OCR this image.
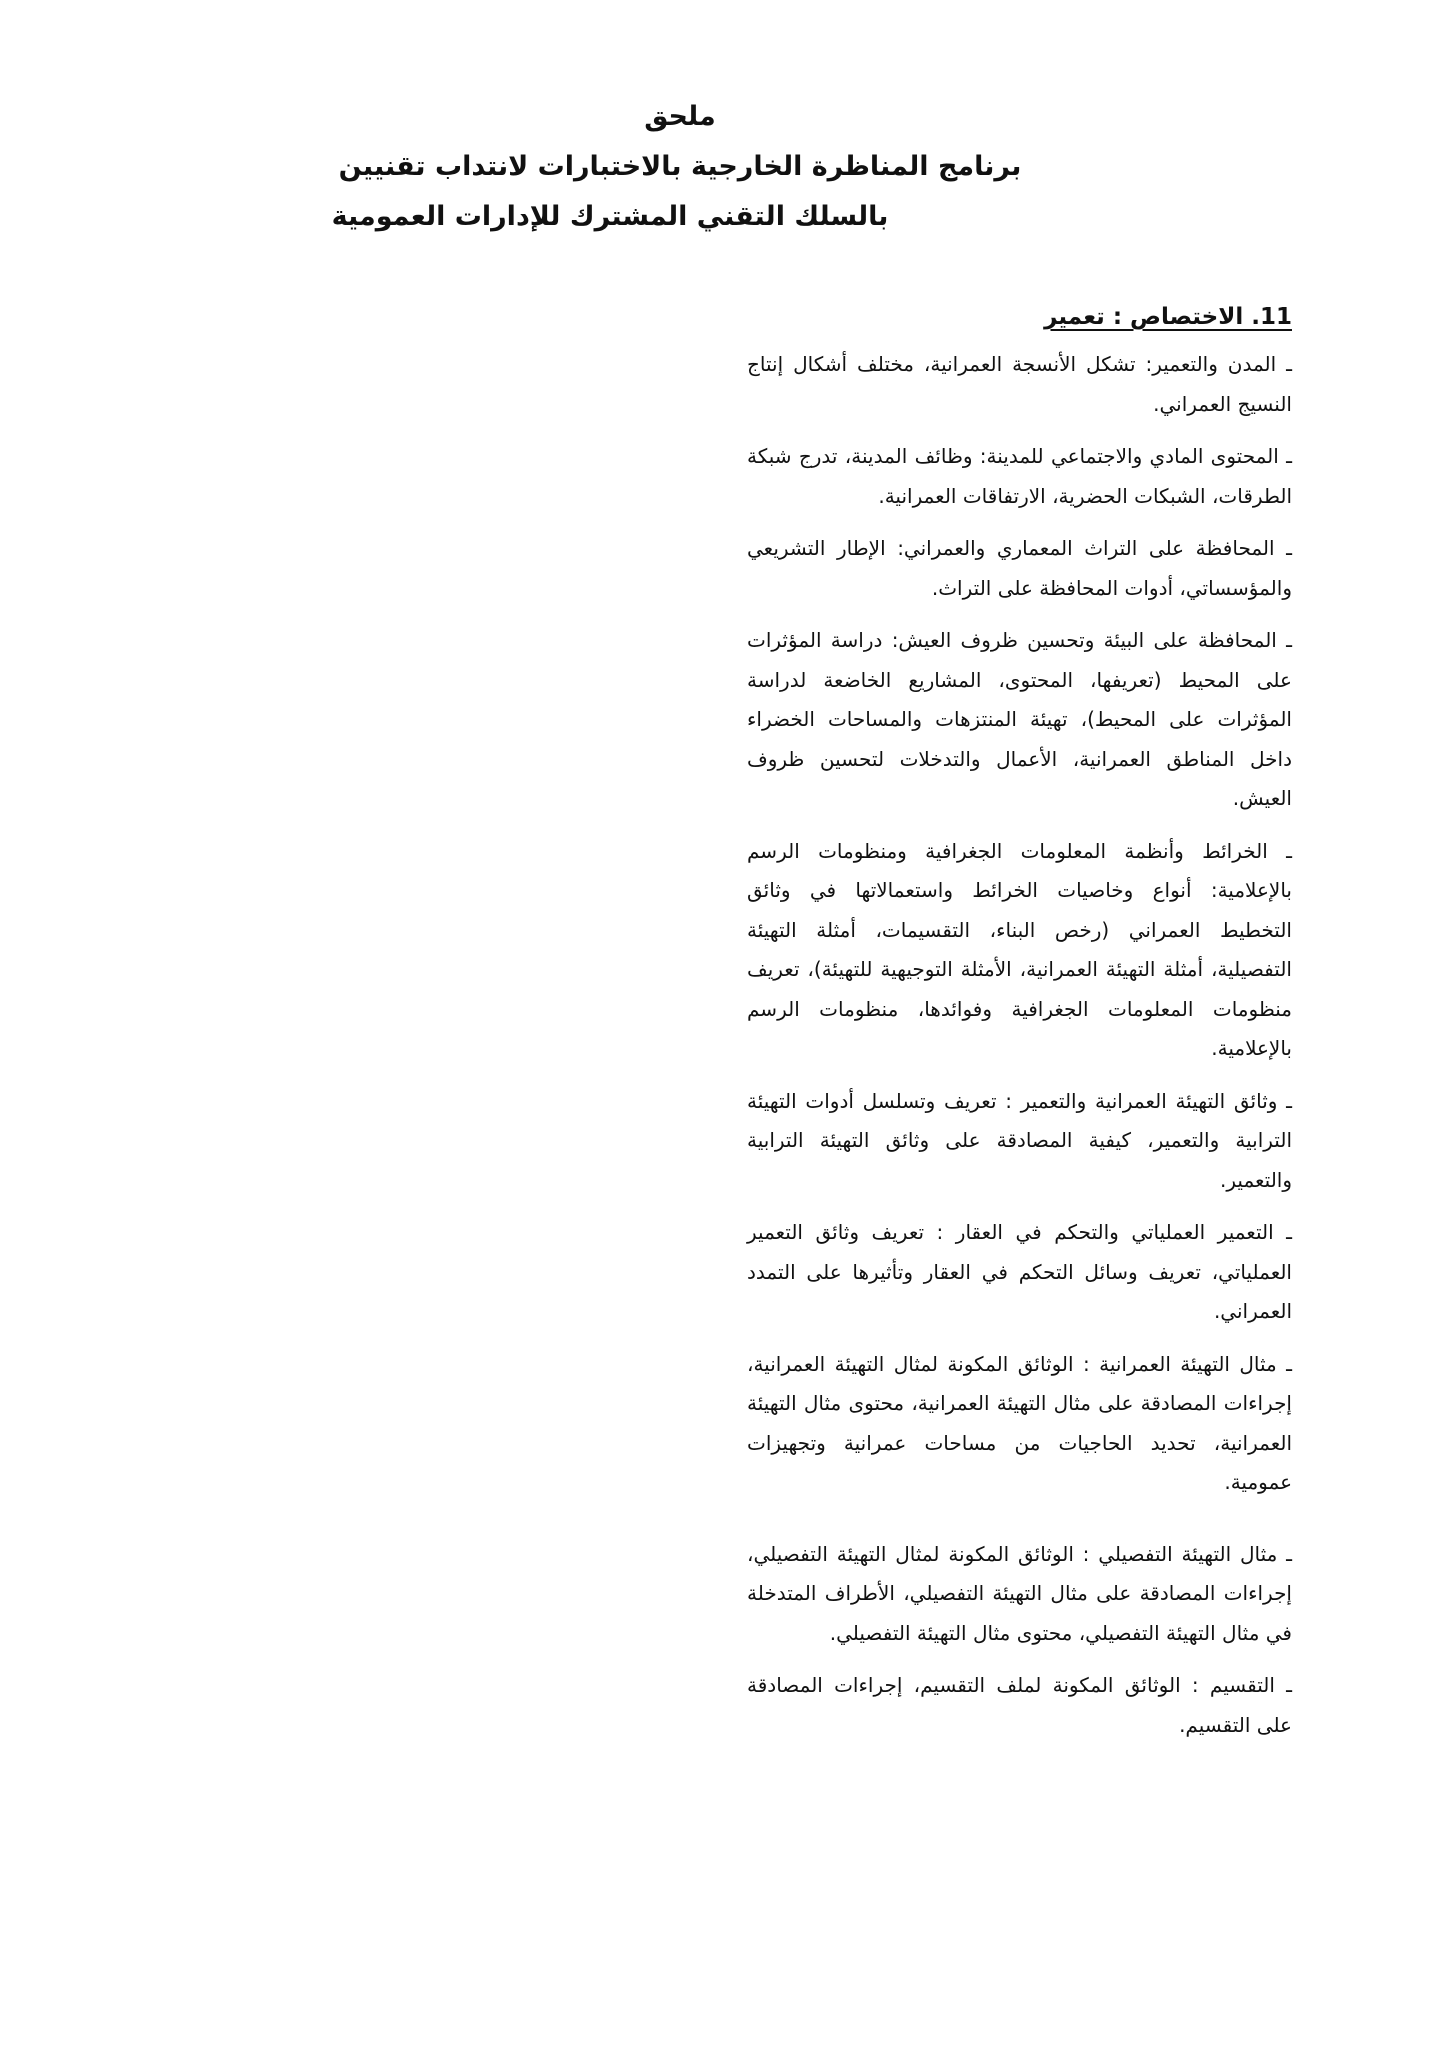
ملحق
برنامج المناظرة الخارجية بالاختبارات لانتداب تقنيين
بالسلك التقني المشترك للإدارات العمومية
11. الاختصاص : تعمير

ـ المدن والتعمير: تشكل الأنسجة العمرانية، مختلف أشكال إنتاج النسيج العمراني.

ـ المحتوى المادي والاجتماعي للمدينة: وظائف المدينة، تدرج شبكة الطرقات، الشبكات الحضرية، الارتفاقات العمرانية.

ـ المحافظة على التراث المعماري والعمراني: الإطار التشريعي والمؤسساتي، أدوات المحافظة على التراث.

ـ المحافظة على البيئة وتحسين ظروف العيش: دراسة المؤثرات على المحيط (تعريفها، المحتوى، المشاريع الخاضعة لدراسة المؤثرات على المحيط)، تهيئة المنتزهات والمساحات الخضراء داخل المناطق العمرانية، الأعمال والتدخلات لتحسين ظروف العيش.

ـ الخرائط وأنظمة المعلومات الجغرافية ومنظومات الرسم بالإعلامية: أنواع وخاصيات الخرائط واستعمالاتها في وثائق التخطيط العمراني (رخص البناء، التقسيمات، أمثلة التهيئة التفصيلية، أمثلة التهيئة العمرانية، الأمثلة التوجيهية للتهيئة)، تعريف منظومات المعلومات الجغرافية وفوائدها، منظومات الرسم بالإعلامية.

ـ وثائق التهيئة العمرانية والتعمير : تعريف وتسلسل أدوات التهيئة الترابية والتعمير، كيفية المصادقة على وثائق التهيئة الترابية والتعمير.

ـ التعمير العملياتي والتحكم في العقار : تعريف وثائق التعمير العملياتي، تعريف وسائل التحكم في العقار وتأثيرها على التمدد العمراني.

ـ مثال التهيئة العمرانية : الوثائق المكونة لمثال التهيئة العمرانية، إجراءات المصادقة على مثال التهيئة العمرانية، محتوى مثال التهيئة العمرانية، تحديد الحاجيات من مساحات عمرانية وتجهيزات عمومية.

ـ مثال التهيئة التفصيلي : الوثائق المكونة لمثال التهيئة التفصيلي، إجراءات المصادقة على مثال التهيئة التفصيلي، الأطراف المتدخلة في مثال التهيئة التفصيلي، محتوى مثال التهيئة التفصيلي.

ـ التقسيم : الوثائق المكونة لملف التقسيم، إجراءات المصادقة على التقسيم.
